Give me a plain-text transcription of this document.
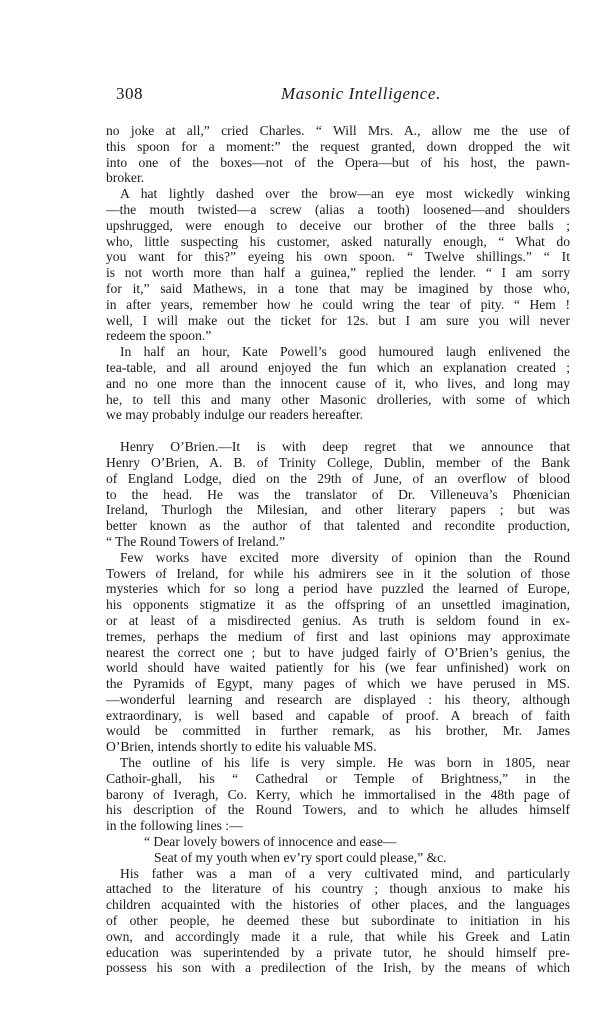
308	Masonic Intelligence.
no joke at all,” cried Charles. “ Will Mrs. A., allow me the use of
this spoon for a moment:” the request granted, down dropped the wit
into one of the boxes—not of the Opera—but of his host, the pawn-
broker.
A hat lightly dashed over the brow—an eye most wickedly winking
—the mouth twisted—a screw (alias a tooth) loosened—and shoulders
upshrugged, were enough to deceive our brother of the three balls ;
who, little suspecting his customer, asked naturally enough, “ What do
you want for this?” eyeing his own spoon. “ Twelve shillings.” “ It
is not worth more than half a guinea,” replied the lender. “ I am sorry
for it,” said Mathews, in a tone that may be imagined by those who,
in after years, remember how he could wring the tear of pity. “ Hem !
well, I will make out the ticket for 12s. but I am sure you will never
redeem the spoon.”
In half an hour, Kate Powell’s good humoured laugh enlivened the
tea-table, and all around enjoyed the fun which an explanation created ;
and no one more than the innocent cause of it, who lives, and long may
he, to tell this and many other Masonic drolleries, with some of which
we may probably indulge our readers hereafter.
Henry O’Brien.—It is with deep regret that we announce that
Henry O’Brien, A. B. of Trinity College, Dublin, member of the Bank
of England Lodge, died on the 29th of June, of an overflow of blood
to the head. He was the translator of Dr. Villeneuva’s Phœnician
Ireland, Thurlogh the Milesian, and other literary papers ; but was
better known as the author of that talented and recondite production,
“ The Round Towers of Ireland.”
Few works have excited more diversity of opinion than the Round
Towers of Ireland, for while his admirers see in it the solution of those
mysteries which for so long a period have puzzled the learned of Europe,
his opponents stigmatize it as the offspring of an unsettled imagination,
or at least of a misdirected genius. As truth is seldom found in ex-
tremes, perhaps the medium of first and last opinions may approximate
nearest the correct one ; but to have judged fairly of O’Brien’s genius, the
world should have waited patiently for his (we fear unfinished) work on
the Pyramids of Egypt, many pages of which we have perused in MS.
—wonderful learning and research are displayed : his theory, although
extraordinary, is well based and capable of proof. A breach of faith
would be committed in further remark, as his brother, Mr. James
O’Brien, intends shortly to edite his valuable MS.
The outline of his life is very simple. He was born in 1805, near
Cathoir-ghall, his “ Cathedral or Temple of Brightness,” in the
barony of Iveragh, Co. Kerry, which he immortalised in the 48th page of
his description of the Round Towers, and to which he alludes himself
in the following lines :—
“ Dear lovely bowers of innocence and ease—
Seat of my youth when ev’ry sport could please,” &c.
His father was a man of a very cultivated mind, and particularly
attached to the literature of his country ; though anxious to make his
children acquainted with the histories of other places, and the languages
of other people, he deemed these but subordinate to initiation in his
own, and accordingly made it a rule, that while his Greek and Latin
education was superintended by a private tutor, he should himself pre-
possess his son with a predilection of the Irish, by the means of which
